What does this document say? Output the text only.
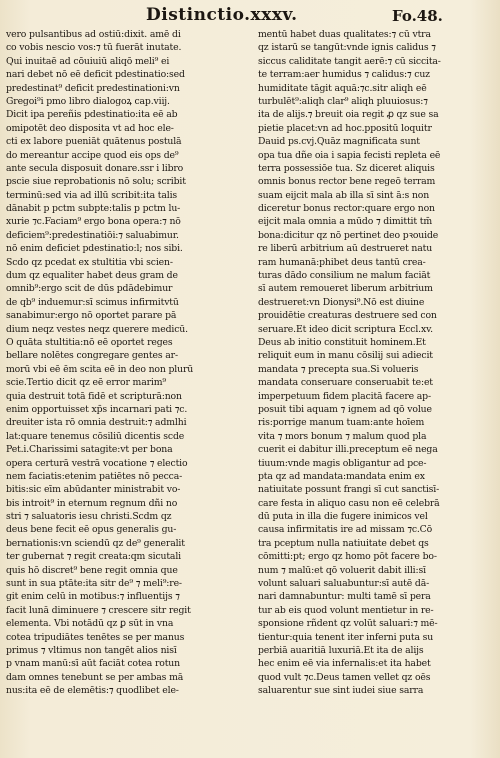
Distinctio.xxxv.	Fo.48.
vero pulsantibus ad ostiū:dixit. amē di
co vobis nescio vos:⁊ tū fuerāt inutate.
Qui inuitaē ad cōuiuiū aliqō meli⁹ ei
nari debet nō eē deficit pdestinatio:sed
predestinat⁹ deficit predestinationi:vn
Gregoi⁹i pmo libro dialogoꝝ cap.viij.
Dicit ipa pereñis pdestinatio:ita eē ab
omipotēt deo disposita vt ad hoc ele-
cti ex labore pueniāt quātenus postulā
do mereantur accipe quod eis ops de⁹
ante secula disposuit donare.ssr i libro
pscie siue reprobationis nō solu; scribit
terminū:sed via ad illū scribit:ita talis
dānabit p pctm subpte:talis p pctm lu-
xurie ⁊c.Faciam⁹ ergo bona opera:⁊ nō
deficiem⁹:predestinatiōi:⁊ saluabimur.
nō enim deficiet pdestinatio:l; nos sibi.
Scdo qz pcedat ex stultitia vbi scien-
dum qz equaliter habet deus gram de
omnib⁹:ergo scit de dūs pdādebimur
de qb⁹ induemur:sī scimus infirmitvtū
sanabimur:ergo nō oportet parare pā
dium neqz vestes neqz querere medicū.
O quāta stultitia:nō eē oportet reges
bellare nolētes congregare gentes ar-
morū vbi eē ēm scita eē in deo non plurū
scie.Tertio dicit qz eē error marim⁹
quia destruit totā fidē et scripturā:non
enim opportuisset xp̄s incarnari pati ⁊c.
dreuiter ista rō omnia destruit:⁊ admlhi
lat:quare tenemus cōsiliū dicentis scde
Pet.i.Charissimi satagite:vt per bona
opera certurā vestrā vocatione ⁊ electio
nem faciatis:etenim patiētes nō pecca-
bitis:sic eīm abūdanter ministrabit vo-
bis introit⁹ in eternum regnum dñi no
stri ⁊ saluatoris iesu christi.Scdm qz
deus bene fecit eē opus generalis gu-
bernationis:vn sciendū qz de⁹ generalit
ter gubernat ⁊ regit creata:qm sicutali
quis hō discret⁹ bene regit omnia que
sunt in sua ptāte:ita sitr de⁹ ⁊ meli⁹:re-
git enim celū in motibus:⁊ influentijs ⁊
facit lunā diminuere ⁊ crescere sitr regit
elementa. Vbi notādū qz ꝑ sūt in vna
cotea tripudiātes tenētes se per manus
primus ⁊ vltimus non tangēt alios nisī
p vnam manū:sī aūt faciāt cotea rotun
dam omnes tenebunt se per ambas mā
nus:ita eē de elemētis:⁊ quodlibet ele-
mentū habet duas qualitates:⁊ cū vtra
qz istarū se tangūt:vnde ignis calidus ⁊
siccus caliditate tangit aerē:⁊ cū siccita-
te terram:aer humidus ⁊ calidus:⁊ cuz
humiditate tāgit aquā:⁊c.sitr aliqh eē
turbulēt⁹:aliqh clar⁹ aliqh pluuiosus:⁊
ita de alijs.⁊ breuit oia regit ꝓ qz sue sa
pietie placet:vn ad hoc.ppositū loquitr
Dauid ps.cvj.Quāz magnificata sunt
opa tua dñe oia i sapia fecisti repleta eē
terra possessiōe tua. Sz diceret aliquis
omnis bonus rector bene regeō terram
suam eijcit mala ab illa sī sint ā:s non
diceretur bonus rector:quare ergo non
eijcit mala omnia a mūdo ⁊ dimittit tm̄
bona:dicitur qz nō pertinet deo pꝛouide
re liberū arbitrium aū destrueret natu
ram humanā:phibet deus tantū crea-
turas dādo consilium ne malum faciāt
sī autem remoueret liberum arbitrium
destrueret:vn Dionysi⁹.Nō est diuine
prouidētie creaturas destruere sed con
seruare.Et ideo dicit scriptura Eccl.xv.
Deus ab initio constituit hominem.Et
reliquit eum in manu cōsilij sui adiecit
mandata ⁊ precepta sua.Si volueris
mandata conseruare conseruabit te:et
imperpetuum fidem placitā facere ap-
posuit tibi aquam ⁊ ignem ad qō volue
ris:porrige manum tuam:ante hoīem
vita ⁊ mors bonum ⁊ malum quod pla
cuerit ei dabitur illi.preceptum eē nega
tiuum:vnde magis obligantur ad pce-
pta qz ad mandata:mandata enim ex
natiuitate possunt frangi sī cut sanctisī-
care festa in aliquo casu non eē celebrā
dū puta in illa die fugere inimicos vel
causa infirmitatis ire ad missam ⁊c.Cō
tra pceptum nulla natiuitate debet qs
cōmitti:pt; ergo qz homo pōt facere bo-
num ⁊ malū:et qō voluerit dabit illi:sī
volunt saluari saluabuntur:sī autē dā-
nari damnabuntur: multi tamē sī pera
tur ab eis quod volunt mentietur in re-
sponsione rñdent qz volūt saluari:⁊ mē-
tientur:quia tenent iter inferni puta su
perbiā auaritiā luxuriā.Et ita de alijs
hec enim eē via infernalis:et ita habet
quod vult ⁊c.Deus tamen vellet qz oēs
saluarentur sue sint iudei siue sarra
